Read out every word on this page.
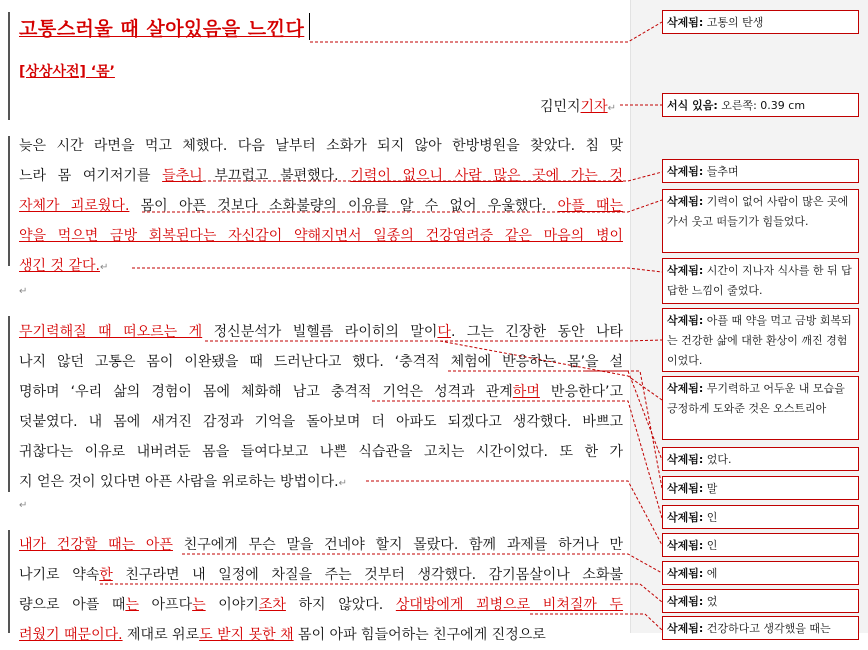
고통스러울 때 살아있음을 느낀다
[상상사전] ‘몸’
김민지기자↵
늦은 시간 라면을 먹고 체했다. 다음 날부터 소화가 되지 않아 한방병원을 찾았다. 침 맞
느라 몸 여기저기를 들추니 부끄럽고 불편했다. 기력이 없으니 사람 많은 곳에 가는 것
자체가 괴로웠다. 몸이 아픈 것보다 소화불량의 이유를 알 수 없어 우울했다. 아플 때는
약을 먹으면 금방 회복된다는 자신감이 약해지면서 일종의 건강염려증 같은 마음의 병이
생긴 것 같다.↵
↵
무기력해질 때 떠오르는 게 정신분석가 빌헬름 라이히의 말이다. 그는 긴장한 동안 나타
나지 않던 고통은 몸이 이완됐을 때 드러난다고 했다. ‘충격적 체험에 반응하는 몸’을 설
명하며 ‘우리 삶의 경험이 몸에 체화해 남고 충격적 기억은 성격과 관계하며 반응한다’고
덧붙였다. 내 몸에 새겨진 감정과 기억을 돌아보며 더 아파도 되겠다고 생각했다. 바쁘고
귀찮다는 이유로 내버려둔 몸을 들여다보고 나쁜 식습관을 고치는 시간이었다. 또 한 가
지 얻은 것이 있다면 아픈 사람을 위로하는 방법이다.↵
↵
내가 건강할 때는 아픈 친구에게 무슨 말을 건네야 할지 몰랐다. 함께 과제를 하거나 만
나기로 약속한 친구라면 내 일정에 차질을 주는 것부터 생각했다. 감기몸살이나 소화불
량으로 아플 때는 아프다는 이야기조차 하지 않았다. 상대방에게 꾀병으로 비쳐질까 두
려웠기 때문이다. 제대로 위로도 받지 못한 채 몸이 아파 힘들어하는 친구에게 진정으로
삭제됨: 고통의 탄생
서식 있음: 오른쪽: 0.39 cm
삭제됨: 들추며
삭제됨: 기력이 없어 사람이 많은 곳에 가서 웃고 떠들기가 힘들었다.
삭제됨: 시간이 지나자 식사를 한 뒤 답답한 느낌이 줄었다.
삭제됨: 아플 때 약을 먹고 금방 회복되는 건강한 삶에 대한 환상이 깨진 경험이었다.
삭제됨: 무기력하고 어두운 내 모습을 긍정하게 도와준 것은 오스트리아
삭제됨: 었다.
삭제됨: 말
삭제됨: 인
삭제됨: 인
삭제됨: 에
삭제됨: 었
삭제됨: 건강하다고 생각했을 때는
